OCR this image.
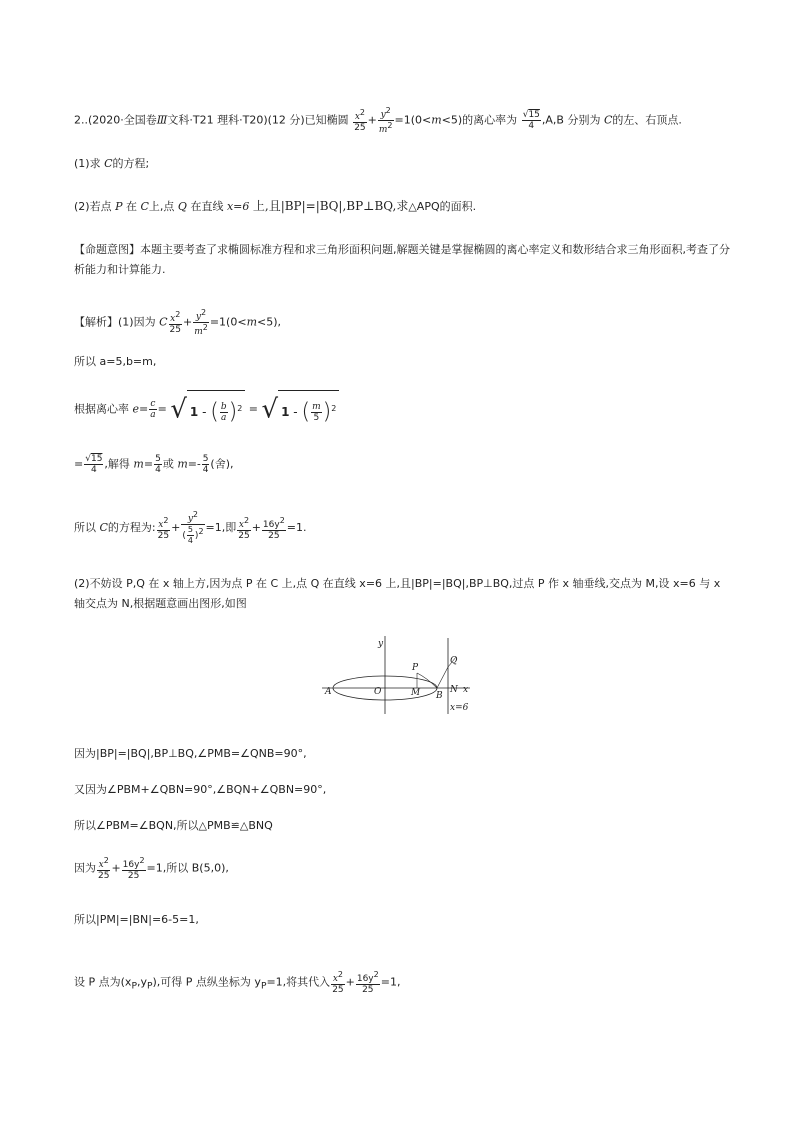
2..(2020·全国卷Ⅲ文科·T21 理科·T20)(12 分)已知椭圆 $\frac{x^2}{25} + \frac{y^2}{m^2} =1(0<m<5)$的离心率为 $\frac{√15}{4} ,A,B$ 分别为 C的左、右顶点.
(1)求 C的方程;
(2)若点 P 在 C上,点 Q 在直线 x=6 上,且|BP|=|BQ|,BP⊥BQ,求△APQ的面积.
【命题意图】本题主要考查了求椭圆标准方程和求三角形面积问题,解题关键是掌握椭圆的离心率定义和数形结合求三角形面积,考查了分析能力和计算能力.
【解析】(1)因为 C $\frac{x^2}{25} + \frac{y^2}{m^2} =1(0<m<5)$,
所以 a=5,b=m,
根据离心率 $e= \frac{c}{a}$ = √ 1 - ( $\frac{b}{a} )^2$ = √ 1 - ( $\frac{m}{5} )^2$
= $\frac{√15}{4}$ ,解得 $m= \frac{5}{4}$ 或 $m=- \frac{5}{4}$ (舍),
所以 C的方程为: $\frac{x^2}{25} + \frac{y^2}{( \frac{5}{4} )^2} =1$,即 $\frac{x^2}{25} + \frac{16y^2}{25} =1$.
(2)不妨设 P,Q 在 x 轴上方,因为点 P 在 C 上,点 Q 在直线 x=6 上,且|BP|=|BQ|,BP⊥BQ,过点 P 作 x 轴垂线,交点为 M,设 x=6 与 x 轴交点为 N,根据题意画出图形,如图
y
P
Q
A	O	M B
N x
x=6
因为|BP|=|BQ|,BP⊥BQ,∠PMB=∠QNB=90°,
又因为∠PBM+∠QBN=90°,∠BQN+∠QBN=90°,
所以∠PBM=∠BQN,所以△PMB≌△BNQ
因为 $\frac{x^2}{25} + \frac{16y^2}{25} =1$,所以 B(5,0),
所以|PM|=|BN|=6-5=1,
设 P 点为$(x_P,y_P)$,可得 P 点纵坐标为 $y_P=1$,将其代入 $\frac{x^2}{25} + \frac{16y^2}{25} =1$,
